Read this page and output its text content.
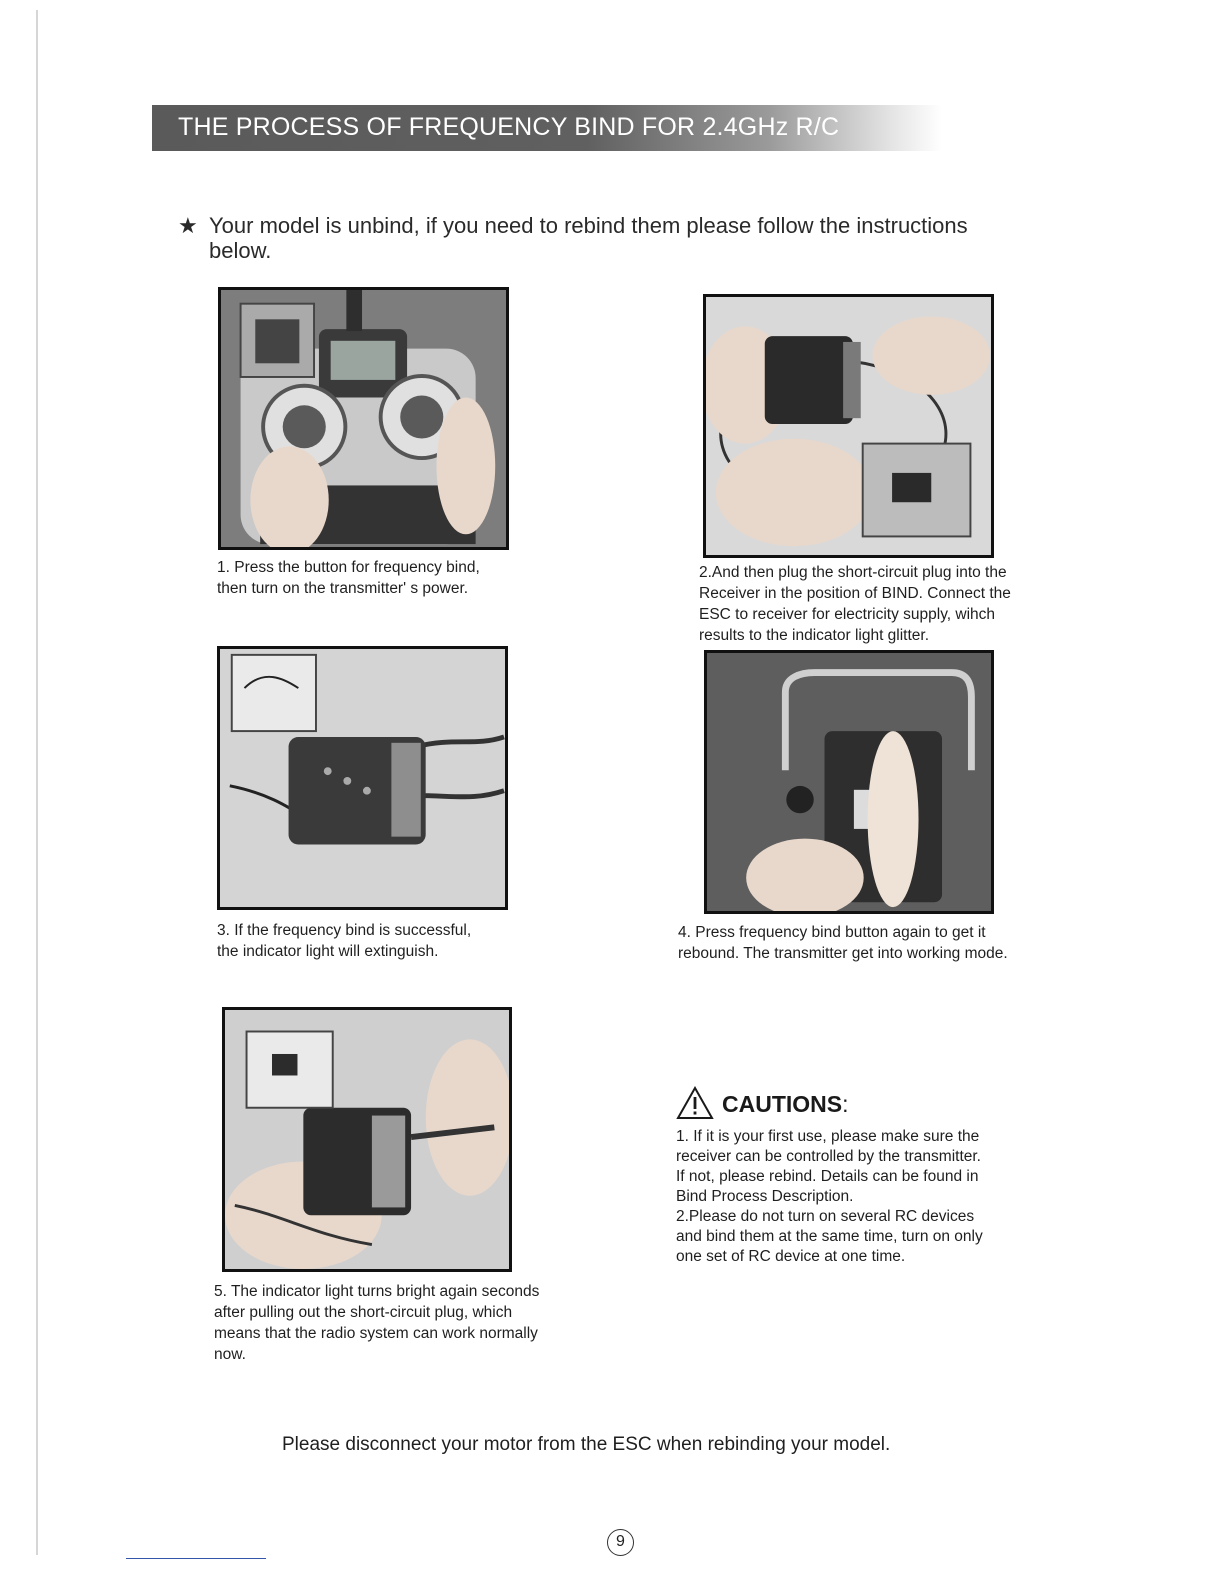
THE PROCESS OF FREQUENCY BIND FOR 2.4GHz R/C
★ Your model is unbind, if you need to rebind them please follow the instructions
below.
1. Press the button for frequency bind,
then turn on the transmitter' s power.
2.And then plug the short-circuit plug into the
Receiver in the position of BIND. Connect the
ESC to receiver for electricity supply, wihch
results to the indicator light glitter.
3. If the frequency bind is successful,
the indicator light will extinguish.
4. Press frequency bind button again to get it
rebound. The transmitter get into working mode.
5. The indicator light turns bright again seconds
after pulling out the short-circuit plug, which
means that the radio system can work normally
now.
CAUTIONS:
1. If it is your first use, please make sure the
receiver can be controlled by the transmitter.
If not, please rebind. Details can be found in
Bind Process Description.
2.Please do not turn on several RC devices
and bind them at the same time, turn on only
one set of RC device at one time.
Please disconnect your motor from the ESC when rebinding your model.
9
